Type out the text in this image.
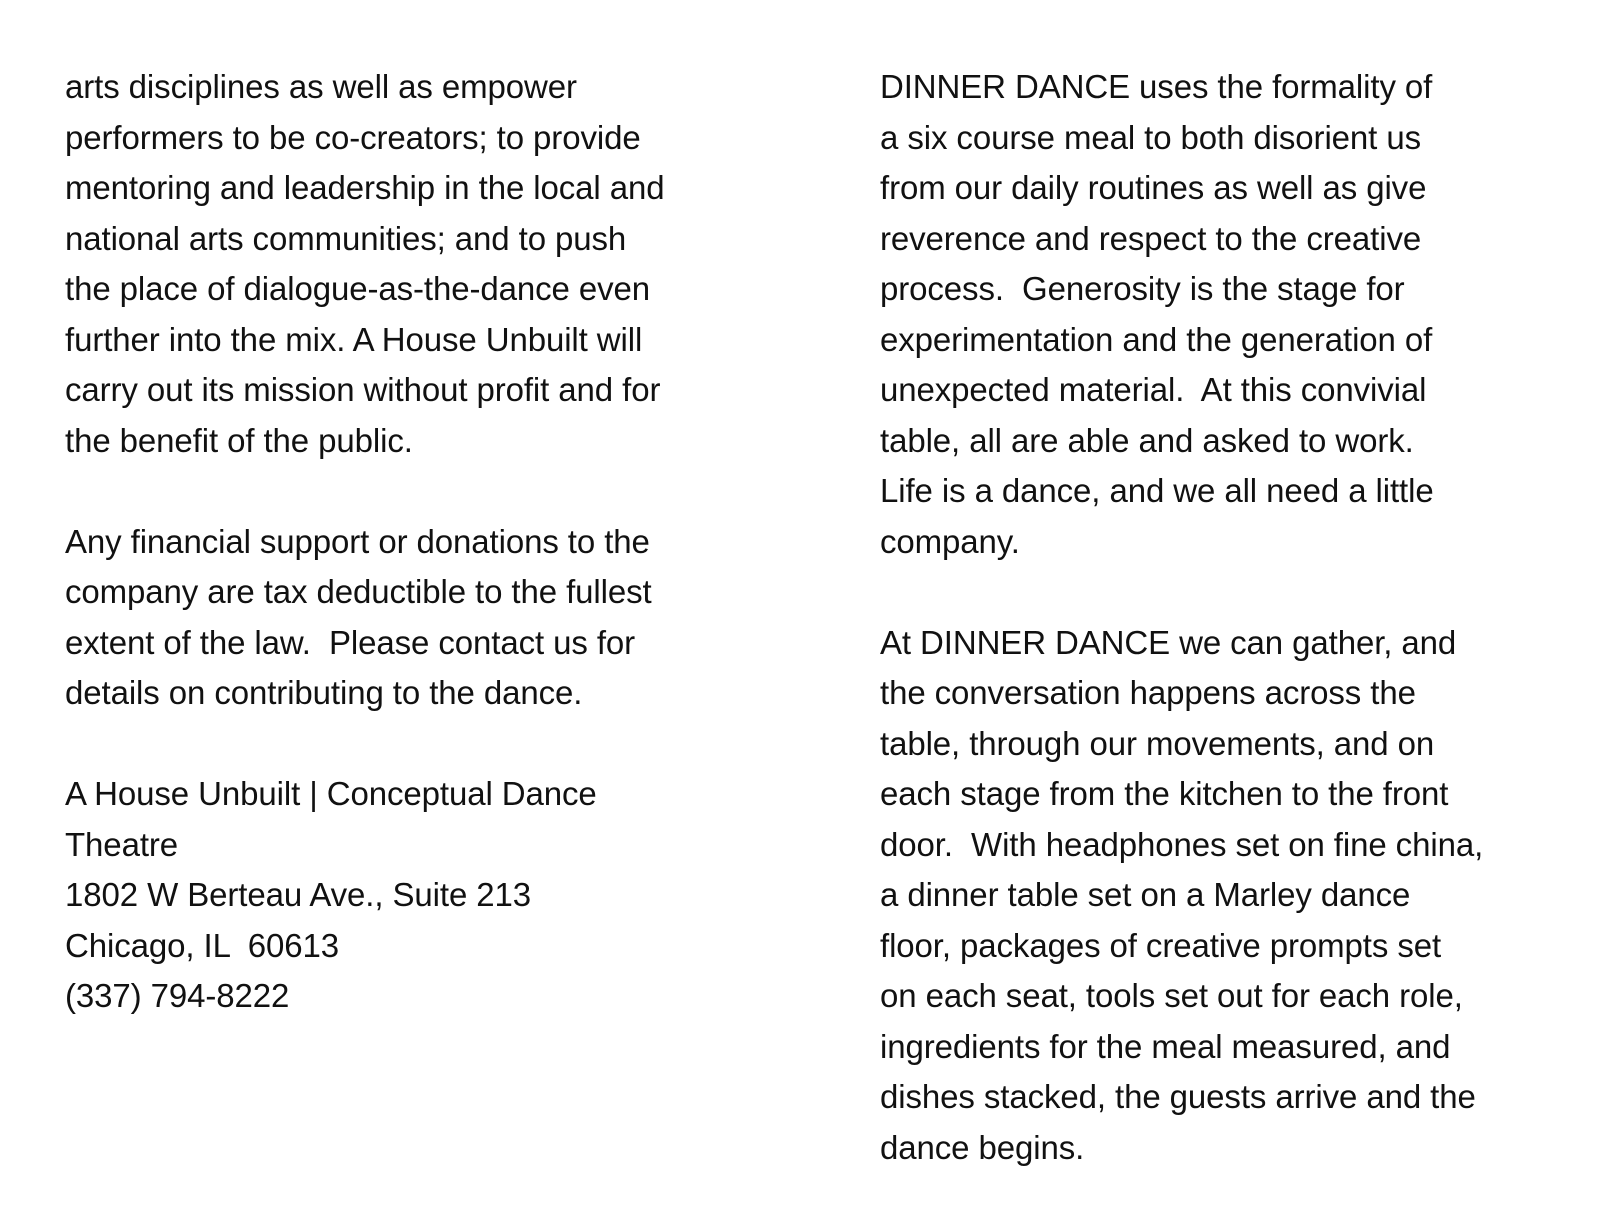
arts disciplines as well as empower
performers to be co-creators; to provide
mentoring and leadership in the local and
national arts communities; and to push
the place of dialogue-as-the-dance even
further into the mix. A House Unbuilt will
carry out its mission without profit and for
the benefit of the public.
Any financial support or donations to the
company are tax deductible to the fullest
extent of the law.  Please contact us for
details on contributing to the dance.
A House Unbuilt | Conceptual Dance
Theatre
1802 W Berteau Ave., Suite 213
Chicago, IL  60613
(337) 794-8222
DINNER DANCE uses the formality of
a six course meal to both disorient us
from our daily routines as well as give
reverence and respect to the creative
process.  Generosity is the stage for
experimentation and the generation of
unexpected material.  At this convivial
table, all are able and asked to work.
Life is a dance, and we all need a little
company.
At DINNER DANCE we can gather, and
the conversation happens across the
table, through our movements, and on
each stage from the kitchen to the front
door.  With headphones set on fine china,
a dinner table set on a Marley dance
floor, packages of creative prompts set
on each seat, tools set out for each role,
ingredients for the meal measured, and
dishes stacked, the guests arrive and the
dance begins.
